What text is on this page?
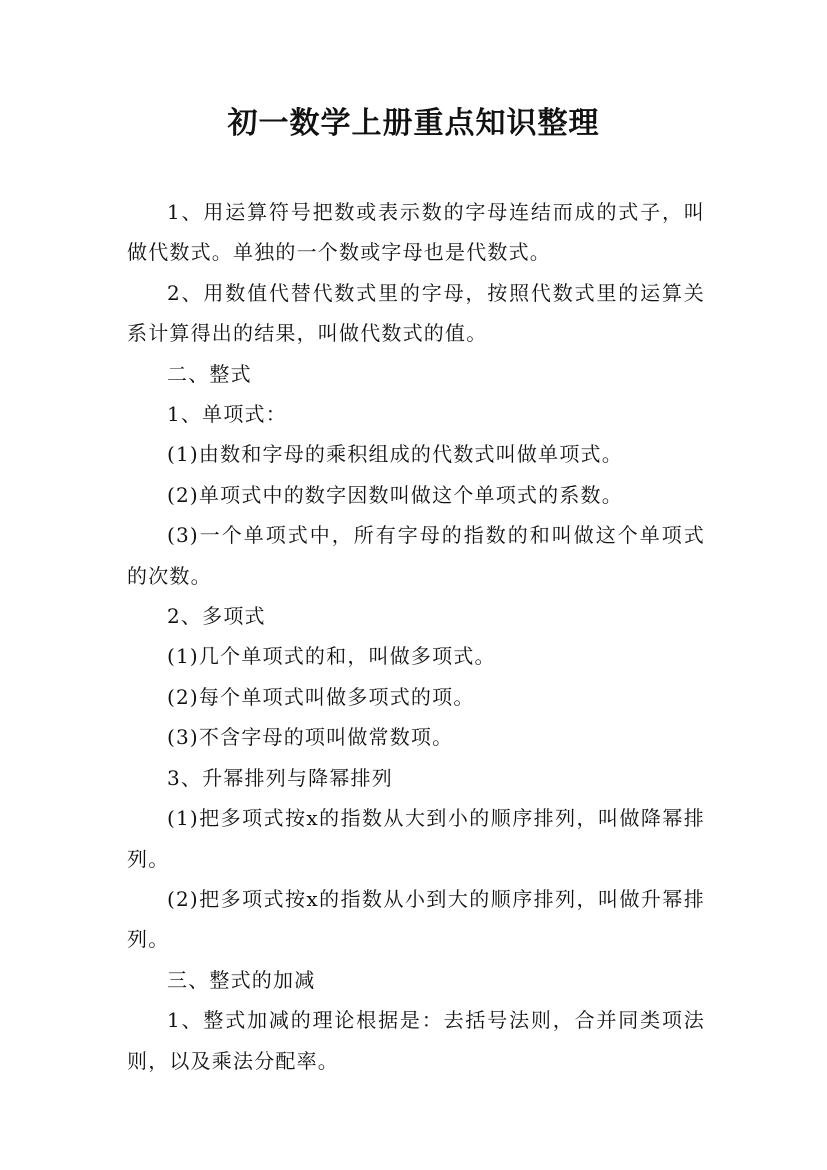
初一数学上册重点知识整理

1、用运算符号把数或表示数的字母连结而成的式子，叫做代数式。单独的一个数或字母也是代数式。

2、用数值代替代数式里的字母，按照代数式里的运算关系计算得出的结果，叫做代数式的值。

二、整式

1、单项式：

(1)由数和字母的乘积组成的代数式叫做单项式。

(2)单项式中的数字因数叫做这个单项式的系数。

(3)一个单项式中，所有字母的指数的和叫做这个单项式的次数。

2、多项式

(1)几个单项式的和，叫做多项式。

(2)每个单项式叫做多项式的项。

(3)不含字母的项叫做常数项。

3、升幂排列与降幂排列

(1)把多项式按x的指数从大到小的顺序排列，叫做降幂排列。

(2)把多项式按x的指数从小到大的顺序排列，叫做升幂排列。

三、整式的加减

1、整式加减的理论根据是：去括号法则，合并同类项法则，以及乘法分配率。
